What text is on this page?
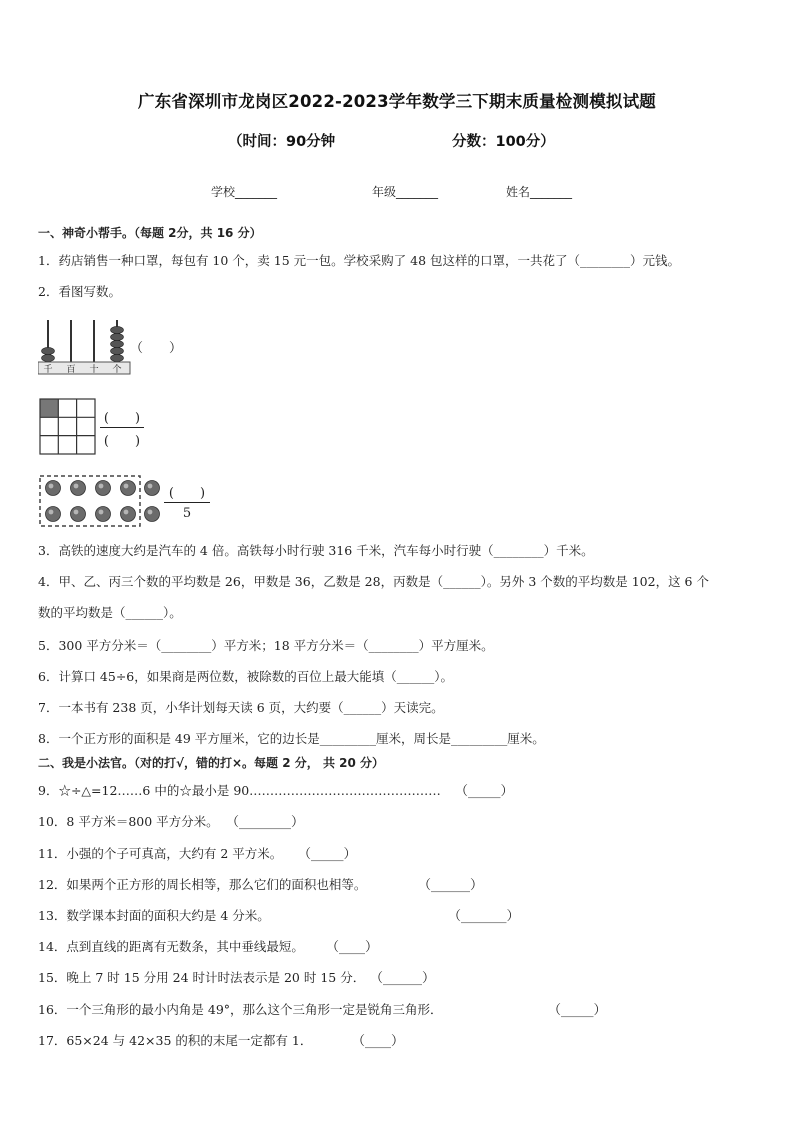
广东省深圳市龙岗区2022-2023学年数学三下期末质量检测模拟试题
（时间：90分钟	分数：100分）
学校_______	年级_______	姓名_______
一、神奇小帮手。（每题 2分，共 16 分）
1．药店销售一种口罩，每包有 10 个，卖 15 元一包。学校采购了 48 包这样的口罩，一共花了（________）元钱。
2．看图写数。
千 百 十 个
（　　）
(　　)
(　　)
(　　)
5
3．高铁的速度大约是汽车的 4 倍。高铁每小时行驶 316 千米，汽车每小时行驶（________）千米。
4．甲、乙、丙三个数的平均数是 26，甲数是 36，乙数是 28，丙数是（______）。另外 3 个数的平均数是 102，这 6 个
数的平均数是（______）。
5．300 平方分米＝（________）平方米；18 平方分米＝（________）平方厘米。
6．计算口 45÷6，如果商是两位数，被除数的百位上最大能填（______）。
7．一本书有 238 页，小华计划每天读 6 页，大约要（______）天读完。
8．一个正方形的面积是 49 平方厘米，它的边长是_________厘米，周长是_________厘米。
二、我是小法官。（对的打√，错的打×。每题 2 分， 共 20 分）
9．☆÷△=12……6 中的☆最小是 90.……………………………………… （_____）
10．8 平方米＝800 平方分米。 （________）
11．小强的个子可真高，大约有 2 平方米。 （_____）
12．如果两个正方形的周长相等，那么它们的面积也相等。	（______）
13．数学课本封面的面积大约是 4 分米。	（_______）
14．点到直线的距离有无数条，其中垂线最短。 （____）
15．晚上 7 时 15 分用 24 时计时法表示是 20 时 15 分． （______）
16．一个三角形的最小内角是 49°，那么这个三角形一定是锐角三角形．	（_____）
17．65×24 与 42×35 的积的末尾一定都有 1．	（____）
